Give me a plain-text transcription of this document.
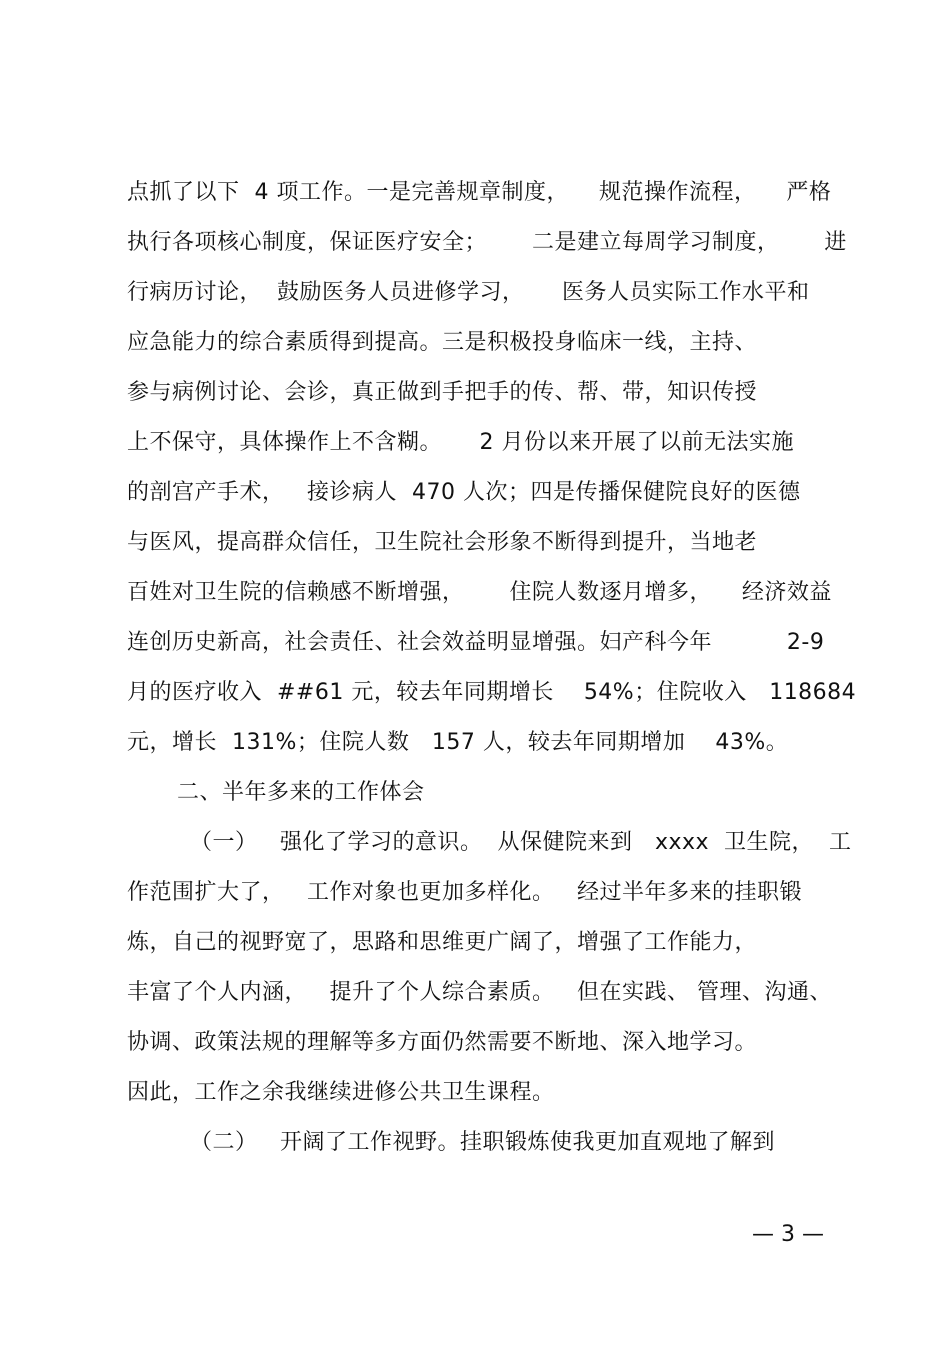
点抓了以下  4 项工作。一是完善规章制度，    规范操作流程，    严格
执行各项核心制度，保证医疗安全；      二是建立每周学习制度，      进
行病历讨论，  鼓励医务人员进修学习，     医务人员实际工作水平和
应急能力的综合素质得到提高。三是积极投身临床一线，主持、
参与病例讨论、会诊，真正做到手把手的传、帮、带，知识传授
上不保守，具体操作上不含糊。     2 月份以来开展了以前无法实施
的剖宫产手术，   接诊病人  470 人次；四是传播保健院良好的医德
与医风，提高群众信任，卫生院社会形象不断得到提升，当地老
百姓对卫生院的信赖感不断增强，      住院人数逐月增多，    经济效益
连创历史新高，社会责任、社会效益明显增强。妇产科今年          2-9
月的医疗收入  ##61 元，较去年同期增长    54%；住院收入   118684
元，增长  131%；住院人数   157 人，较去年同期增加    43%。
二、半年多来的工作体会
（一）   强化了学习的意识。  从保健院来到   xxxx  卫生院，  工
作范围扩大了，   工作对象也更加多样化。   经过半年多来的挂职锻
炼，自己的视野宽了，思路和思维更广阔了，增强了工作能力，
丰富了个人内涵，   提升了个人综合素质。   但在实践、 管理、沟通、
协调、政策法规的理解等多方面仍然需要不断地、深入地学习。
因此，工作之余我继续进修公共卫生课程。
（二）   开阔了工作视野。挂职锻炼使我更加直观地了解到
— 3 —
